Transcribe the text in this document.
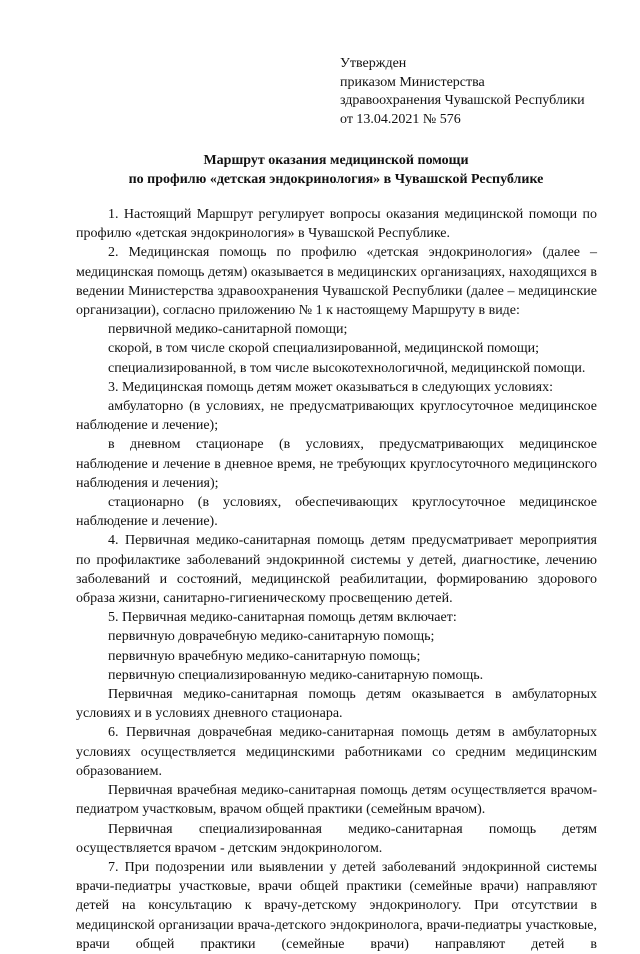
Утвержден
приказом Министерства
здравоохранения Чувашской Республики
от 13.04.2021 № 576
Маршрут оказания медицинской помощи
по профилю «детская эндокринология» в Чувашской Республике

1. Настоящий Маршрут регулирует вопросы оказания медицинской помощи по профилю «детская эндокринология» в Чувашской Республике.

2. Медицинская помощь по профилю «детская эндокринология» (далее – медицинская помощь детям) оказывается в медицинских организациях, находящихся в ведении Министерства здравоохранения Чувашской Республики (далее – медицинские организации), согласно приложению № 1 к настоящему Маршруту в виде:

первичной медико-санитарной помощи;

скорой, в том числе скорой специализированной, медицинской помощи;

специализированной, в том числе высокотехнологичной, медицинской помощи.

3. Медицинская помощь детям может оказываться в следующих условиях:

амбулаторно (в условиях, не предусматривающих круглосуточное медицинское наблюдение и лечение);

в дневном стационаре (в условиях, предусматривающих медицинское наблюдение и лечение в дневное время, не требующих круглосуточного медицинского наблюдения и лечения);

стационарно (в условиях, обеспечивающих круглосуточное медицинское наблюдение и лечение).

4. Первичная медико-санитарная помощь детям предусматривает мероприятия по профилактике заболеваний эндокринной системы у детей, диагностике, лечению заболеваний и состояний, медицинской реабилитации, формированию здорового образа жизни, санитарно-гигиеническому просвещению детей.

5. Первичная медико-санитарная помощь детям включает:

первичную доврачебную медико-санитарную помощь;

первичную врачебную медико-санитарную помощь;

первичную специализированную медико-санитарную помощь.

Первичная медико-санитарная помощь детям оказывается в амбулаторных условиях и в условиях дневного стационара.

6. Первичная доврачебная медико-санитарная помощь детям в амбулаторных условиях осуществляется медицинскими работниками со средним медицинским образованием.

Первичная врачебная медико-санитарная помощь детям осуществляется врачом-педиатром участковым, врачом общей практики (семейным врачом).

Первичная специализированная медико-санитарная помощь детям осуществляется врачом - детским эндокринологом.

7. При подозрении или выявлении у детей заболеваний эндокринной системы врачи-педиатры участковые, врачи общей практики (семейные врачи) направляют детей на консультацию к врачу-детскому эндокринологу. При отсутствии в медицинской организации врача-детского эндокринолога, врачи-педиатры участковые, врачи общей практики (семейные врачи) направляют детей в
